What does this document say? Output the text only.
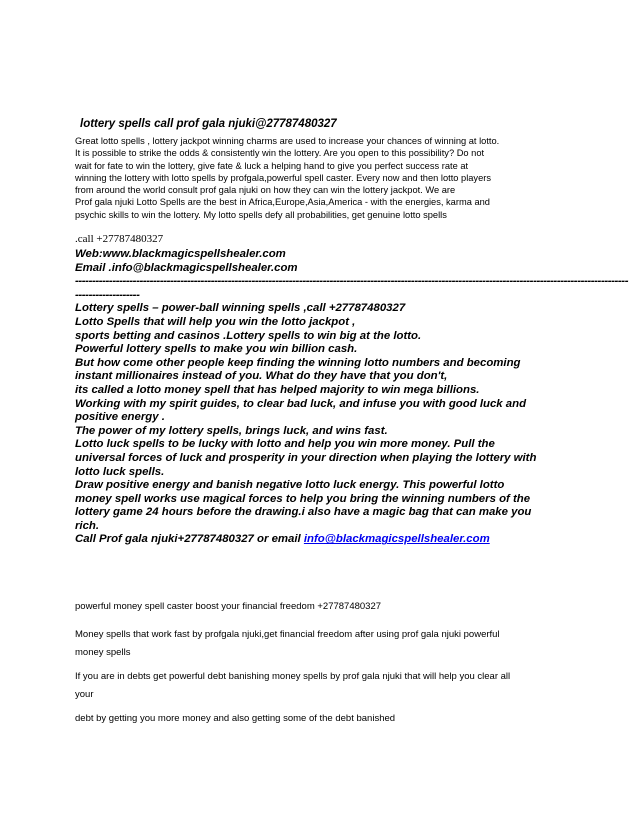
lottery spells call prof gala njuki@27787480327
Great lotto spells , lottery jackpot winning charms are used to increase your chances of winning at lotto.
It is possible to strike the odds & consistently win the lottery. Are you open to this possibility? Do not
wait for fate to win the lottery, give fate & luck a helping hand to give you perfect success rate at
winning the lottery with lotto spells by profgala,powerful spell caster. Every now and then lotto players
from around the world consult prof gala njuki on how they can win the lottery jackpot. We are
Prof gala njuki Lotto Spells are the best in Africa,Europe,Asia,America - with the energies, karma and
psychic skills to win the lottery. My lotto spells defy all probabilities, get genuine lotto spells
.call +27787480327
Web:www.blackmagicspellshealer.com
Email .info@blackmagicspellshealer.com
-------------------------------------------------------------------------------------------------------------------------------------------------------------------
-------------------
Lottery spells – power-ball winning spells ,call +27787480327
Lotto Spells that will help you win the lotto jackpot ,
sports betting and casinos .Lottery spells to win big at the lotto.
Powerful lottery spells to make you win billion cash.
But how come other people keep finding the winning lotto numbers and becoming
instant millionaires instead of you. What do they have that you don't,
its called a lotto money spell that has helped majority to win mega billions.
Working with my spirit guides, to clear bad luck, and infuse you with good luck and
positive energy .
The power of my lottery spells, brings luck, and wins fast.
Lotto luck spells to be lucky with lotto and help you win more money. Pull the
universal forces of luck and prosperity in your direction when playing the lottery with
lotto luck spells.
Draw positive energy and banish negative lotto luck energy. This powerful lotto
money spell works use magical forces to help you bring the winning numbers of the
lottery game 24 hours before the drawing.i also have a magic bag that can make you
rich.
Call Prof gala njuki+27787480327 or email info@blackmagicspellshealer.com
powerful money spell caster boost your financial freedom +27787480327
Money spells that work fast by profgala njuki,get financial freedom after using prof gala njuki powerful
money spells
If you are in debts get powerful debt banishing money spells by prof gala njuki that will help you clear all
your
debt by getting you more money and also getting some of the debt banished
